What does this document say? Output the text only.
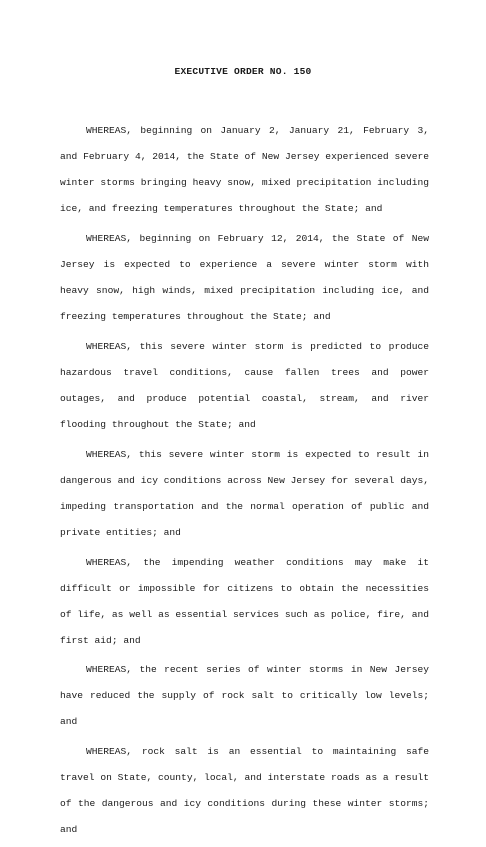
EXECUTIVE ORDER NO. 150

WHEREAS, beginning on January 2, January 21, February 3, and February 4, 2014, the State of New Jersey experienced severe winter storms bringing heavy snow, mixed precipitation including ice, and freezing temperatures throughout the State; and

WHEREAS, beginning on February 12, 2014, the State of New Jersey is expected to experience a severe winter storm with heavy snow, high winds, mixed precipitation including ice, and freezing temperatures throughout the State; and

WHEREAS, this severe winter storm is predicted to produce hazardous travel conditions, cause fallen trees and power outages, and produce potential coastal, stream, and river flooding throughout the State; and

WHEREAS, this severe winter storm is expected to result in dangerous and icy conditions across New Jersey for several days, impeding transportation and the normal operation of public and private entities; and

WHEREAS, the impending weather conditions may make it difficult or impossible for citizens to obtain the necessities of life, as well as essential services such as police, fire, and first aid; and

WHEREAS, the recent series of winter storms in New Jersey have reduced the supply of rock salt to critically low levels; and

WHEREAS, rock salt is an essential to maintaining safe travel on State, county, local, and interstate roads as a result of the dangerous and icy conditions during these winter storms; and
